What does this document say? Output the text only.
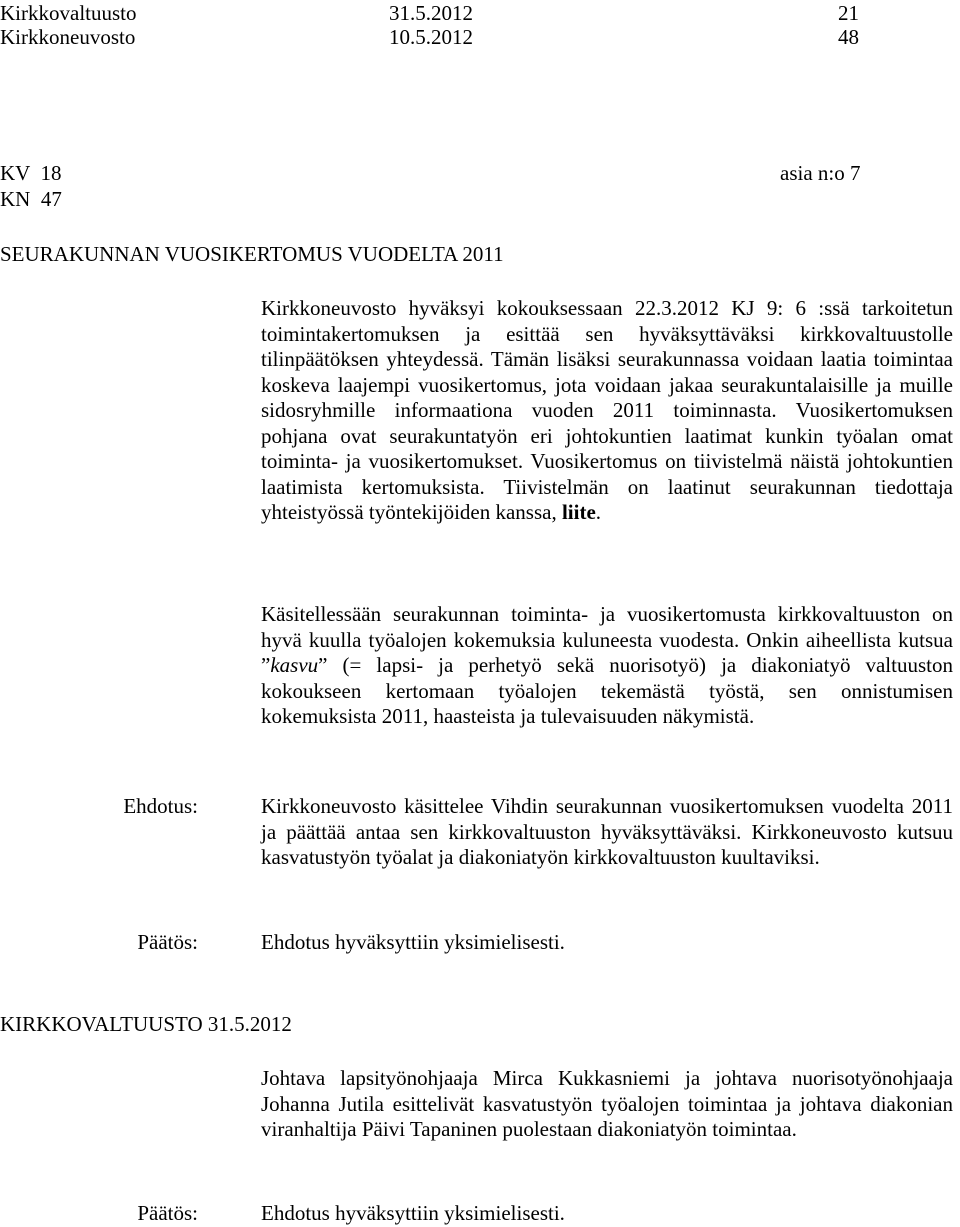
Kirkkovaltuusto	31.5.2012	21
Kirkkoneuvosto	10.5.2012	48
KV  18
KN  47
asia n:o 7
SEURAKUNNAN VUOSIKERTOMUS VUODELTA 2011

Kirkkoneuvosto hyväksyi kokouksessaan 22.3.2012 KJ 9: 6 :ssä tarkoitetun toimintakertomuksen ja esittää sen hyväksyttäväksi kirkkovaltuustolle tilinpäätöksen yhteydessä. Tämän lisäksi seurakunnassa voidaan laatia toimintaa koskeva laajempi vuosikertomus, jota voidaan jakaa seurakuntalaisille ja muille sidosryhmille informaationa vuoden 2011 toiminnasta. Vuosikertomuksen pohjana ovat seurakuntatyön eri johtokuntien laatimat kunkin työalan omat toiminta- ja vuosikertomukset. Vuosikertomus on tiivistelmä näistä johtokuntien laatimista kertomuksista. Tiivistelmän on laatinut seurakunnan tiedottaja yhteistyössä työntekijöiden kanssa, liite.

Käsitellessään seurakunnan toiminta- ja vuosikertomusta kirkkovaltuuston on hyvä kuulla työalojen kokemuksia kuluneesta vuodesta. Onkin aiheellista kutsua ”kasvu” (= lapsi- ja perhetyö sekä nuorisotyö) ja diakoniatyö valtuuston kokoukseen kertomaan työalojen tekemästä työstä, sen onnistumisen kokemuksista 2011, haasteista ja tulevaisuuden näkymistä.

Ehdotus:	Kirkkoneuvosto käsittelee Vihdin seurakunnan vuosikertomuksen vuodelta 2011 ja päättää antaa sen kirkkovaltuuston hyväksyttäväksi. Kirkkoneuvosto kutsuu kasvatustyön työalat ja diakoniatyön kirkkovaltuuston kuultaviksi.

Päätös:	Ehdotus hyväksyttiin yksimielisesti.
KIRKKOVALTUUSTO 31.5.2012

Johtava lapsityönohjaaja Mirca Kukkasniemi ja johtava nuorisotyönohjaaja Johanna Jutila esittelivät kasvatustyön työalojen toimintaa ja johtava diakonian viranhaltija Päivi Tapaninen puolestaan diakoniatyön toimintaa.

Päätös:	Ehdotus hyväksyttiin yksimielisesti.
